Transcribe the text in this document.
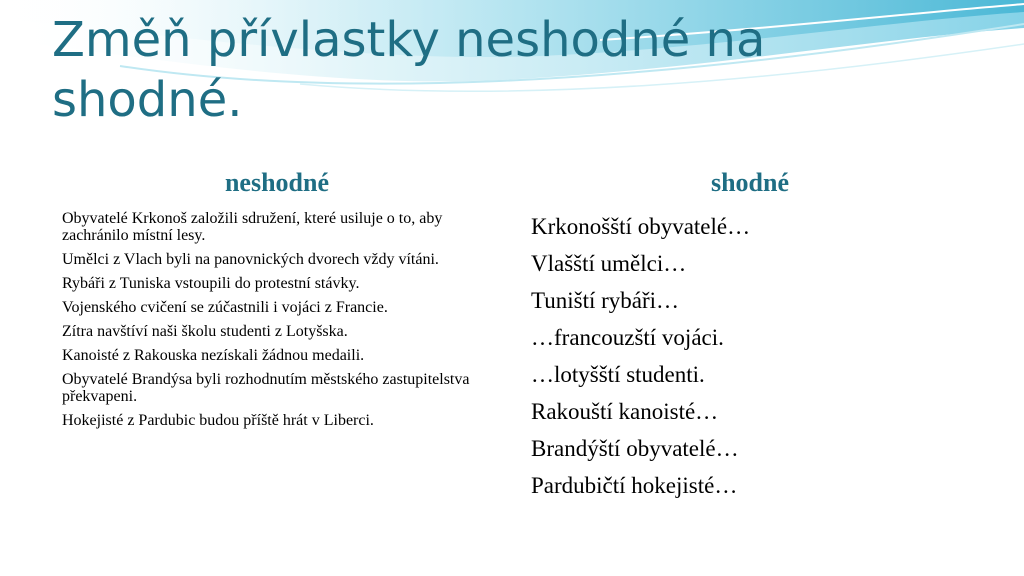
Změň přívlastky neshodné na shodné.
neshodné	shodné
Obyvatelé Krkonoš založili sdružení, které usiluje o to, aby zachránilo místní lesy.
Umělci z Vlach byli na panovnických dvorech vždy vítáni.
Rybáři z Tuniska vstoupili do protestní stávky.
Vojenského cvičení se zúčastnili i vojáci z Francie.
Zítra navštíví naši školu studenti z Lotyšska.
Kanoisté z Rakouska nezískali žádnou medaili.
Obyvatelé Brandýsa byli rozhodnutím městského zastupitelstva překvapeni.
Hokejisté z Pardubic budou příště hrát v Liberci.
Krkonošští obyvatelé…
Vlašští umělci…
Tuniští rybáři…
…francouzští vojáci.
…lotyšští studenti.
Rakouští kanoisté…
Brandýští obyvatelé…
Pardubičtí hokejisté…
